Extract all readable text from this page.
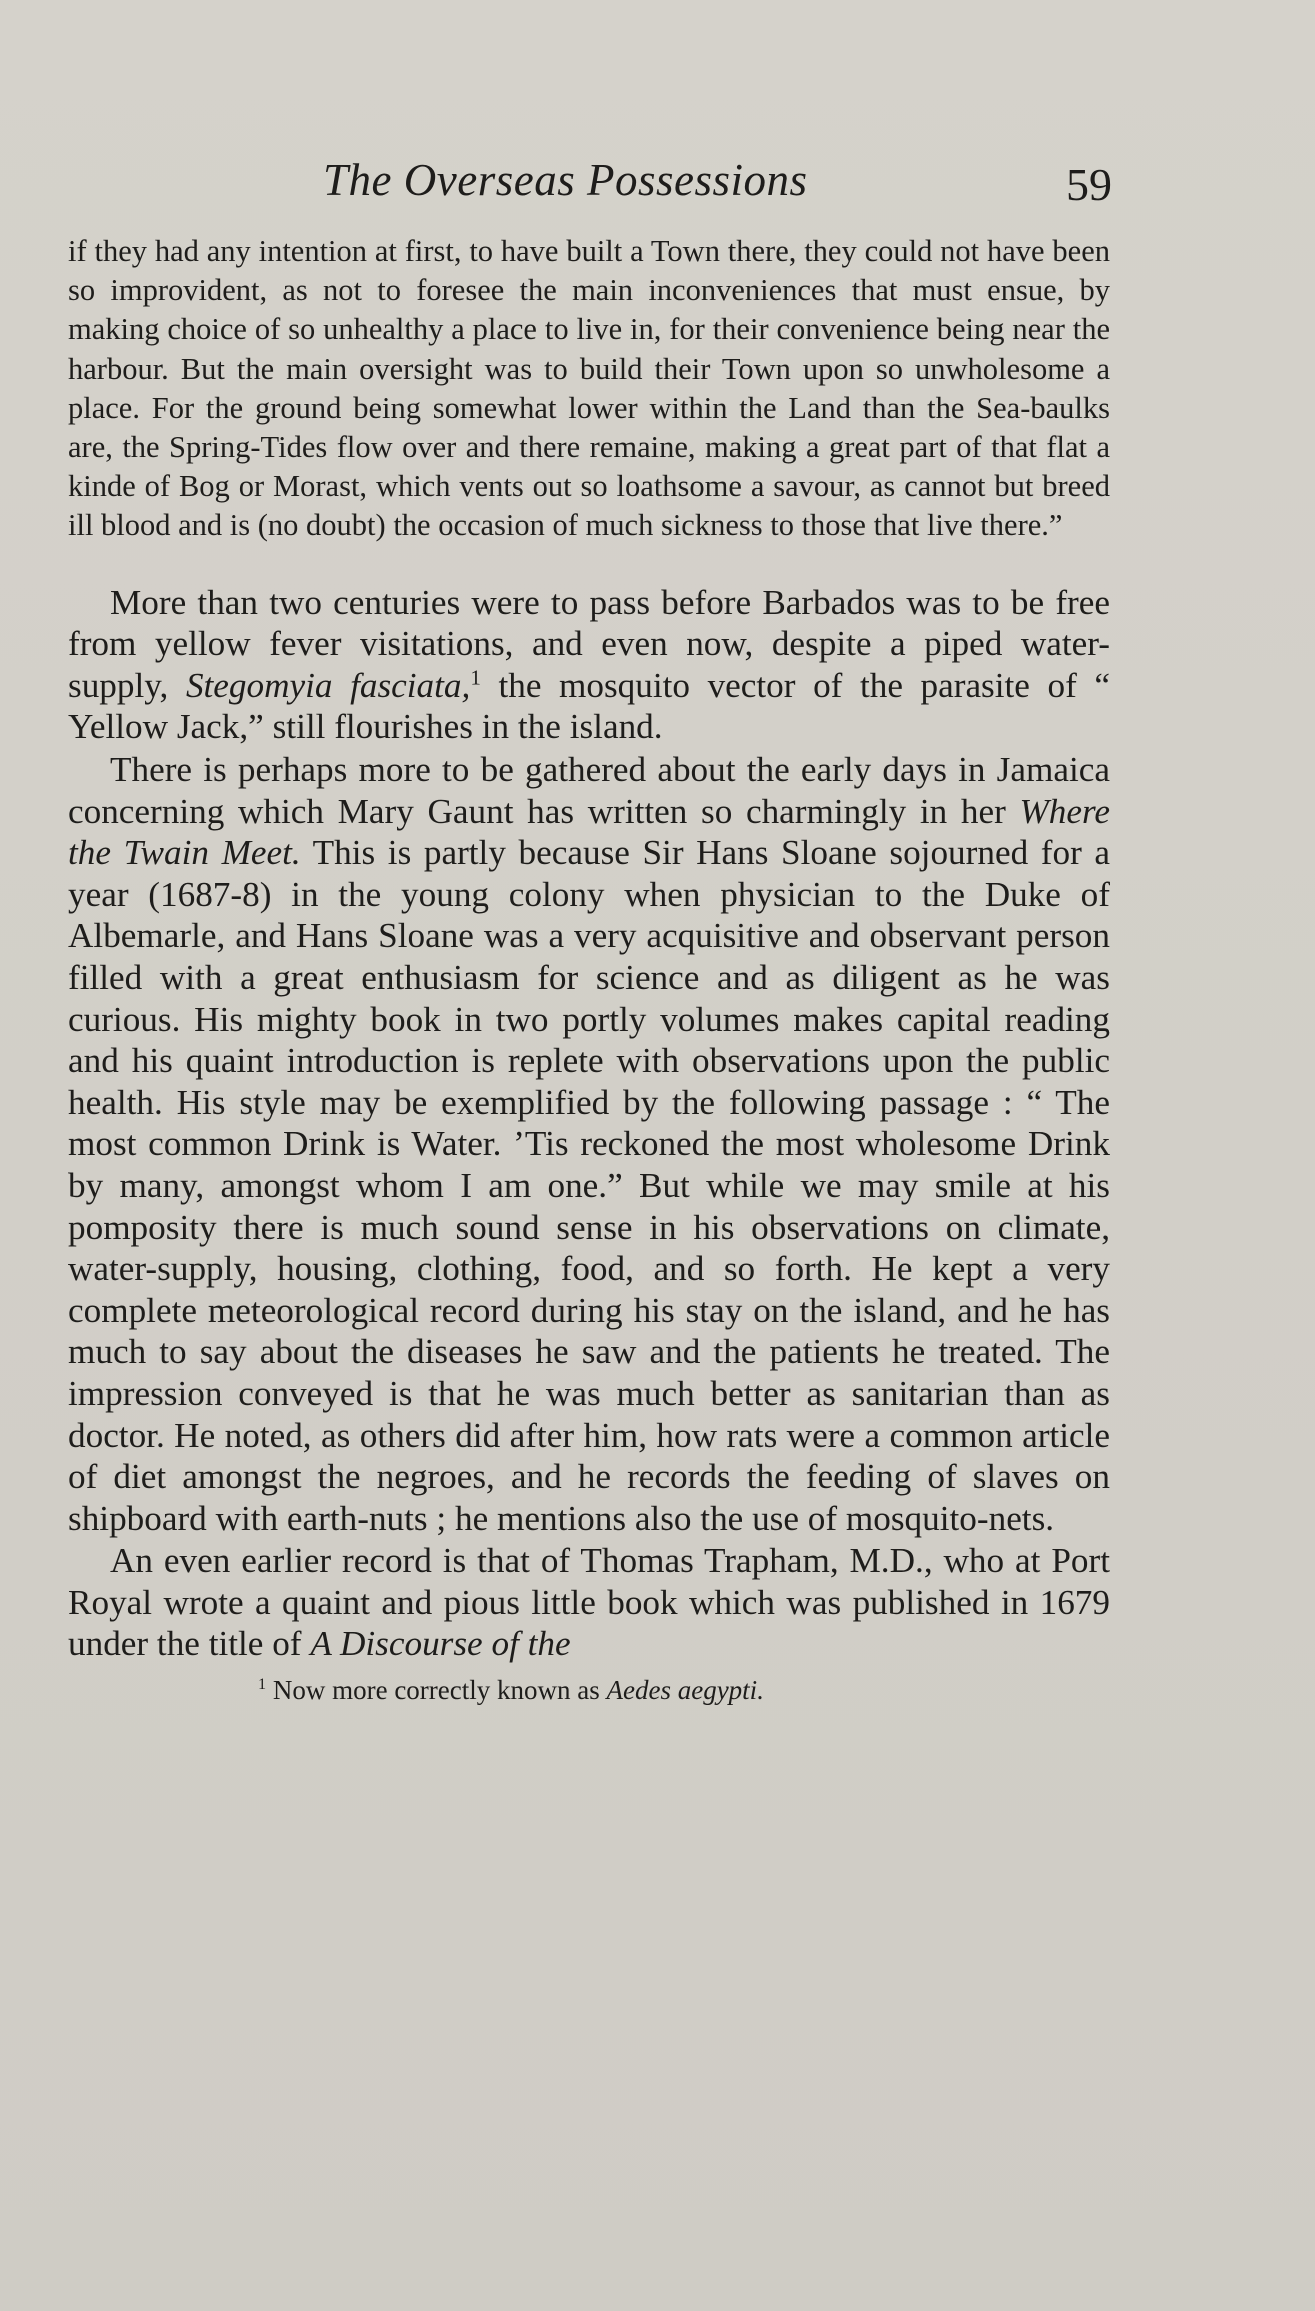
The Overseas Possessions	59

if they had any intention at first, to have built a Town there, they could not have been so improvident, as not to foresee the main inconveniences that must ensue, by making choice of so unhealthy a place to live in, for their convenience being near the harbour. But the main oversight was to build their Town upon so unwholesome a place. For the ground being somewhat lower within the Land than the Sea-baulks are, the Spring-Tides flow over and there remaine, making a great part of that flat a kinde of Bog or Morast, which vents out so loathsome a savour, as cannot but breed ill blood and is (no doubt) the occasion of much sickness to those that live there.”

More than two centuries were to pass before Barbados was to be free from yellow fever visitations, and even now, despite a piped water-supply, Stegomyia fasciata,$^1$ the mosquito vector of the parasite of “ Yellow Jack,” still flourishes in the island.

There is perhaps more to be gathered about the early days in Jamaica concerning which Mary Gaunt has written so charmingly in her Where the Twain Meet. This is partly because Sir Hans Sloane sojourned for a year (1687-8) in the young colony when physician to the Duke of Albemarle, and Hans Sloane was a very acquisitive and observant person filled with a great enthusiasm for science and as diligent as he was curious. His mighty book in two portly volumes makes capital reading and his quaint introduction is replete with observations upon the public health. His style may be exemplified by the following passage : “ The most common Drink is Water. ’Tis reckoned the most wholesome Drink by many, amongst whom I am one.” But while we may smile at his pomposity there is much sound sense in his observations on climate, water-supply, housing, clothing, food, and so forth. He kept a very complete meteorological record during his stay on the island, and he has much to say about the diseases he saw and the patients he treated. The impression conveyed is that he was much better as sanitarian than as doctor. He noted, as others did after him, how rats were a common article of diet amongst the negroes, and he records the feeding of slaves on shipboard with earth-nuts ; he mentions also the use of mosquito-nets.

An even earlier record is that of Thomas Trapham, M.D., who at Port Royal wrote a quaint and pious little book which was published in 1679 under the title of A Discourse of the

$^1$ Now more correctly known as Aedes aegypti.
